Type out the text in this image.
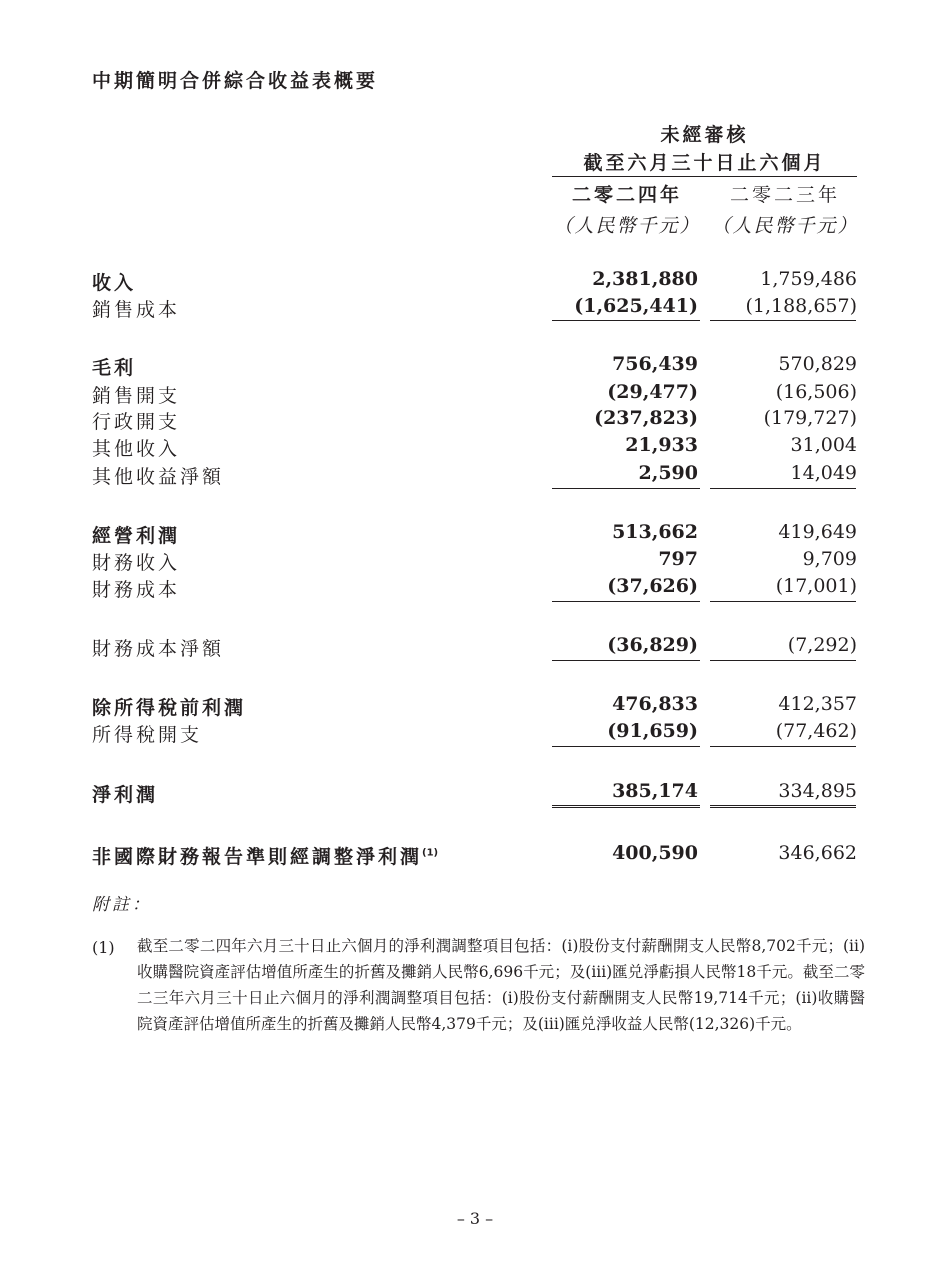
中期簡明合併綜合收益表概要
未經審核
截至六月三十日止六個月
二零二四年	二零二三年
（人民幣千元） （人民幣千元）
收入	2,381,880	1,759,486
銷售成本	(1,625,441) (1,188,657)
毛利	756,439	570,829
銷售開支	(29,477)	(16,506)
行政開支	(237,823)	(179,727)
其他收入	21,933	31,004
其他收益淨額	2,590	14,049
經營利潤	513,662	419,649
財務收入	797	9,709
財務成本	(37,626)	(17,001)
財務成本淨額	(36,829)	(7,292)
除所得稅前利潤	476,833	412,357
所得稅開支	(91,659)	(77,462)
淨利潤	385,174	334,895
非國際財務報告準則經調整淨利潤$^{(1)}$	400,590	346,662
附註：
(1) 截至二零二四年六月三十日止六個月的淨利潤調整項目包括：(i)股份支付薪酬開支人民幣8,702千元；(ii)收購醫院資產評估增值所產生的折舊及攤銷人民幣6,696千元；及(iii)匯兑淨虧損人民幣18千元。截至二零二三年六月三十日止六個月的淨利潤調整項目包括：(i)股份支付薪酬開支人民幣19,714千元；(ii)收購醫院資產評估增值所產生的折舊及攤銷人民幣4,379千元；及(iii)匯兑淨收益人民幣(12,326)千元。
– 3 –
